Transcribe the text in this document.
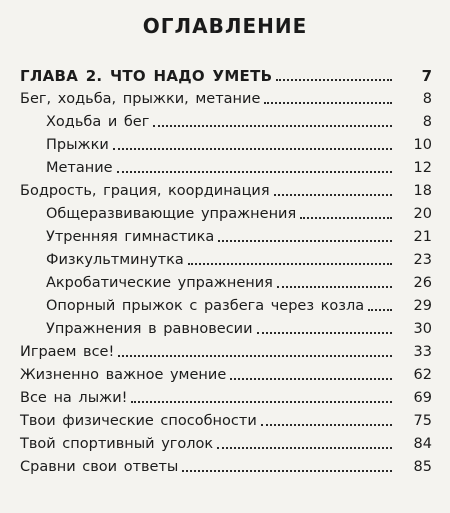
ОГЛАВЛЕНИЕ
ГЛАВА 2. ЧТО НАДО УМЕТЬ	7
Бег, ходьба, прыжки, метание	8
Ходьба и бег	8
Прыжки	10
Метание	12
Бодрость, грация, координация	18
Общеразвивающие упражнения	20
Утренняя гимнастика	21
Физкультминутка	23
Акробатические упражнения	26
Опорный прыжок с разбега через козла	29
Упражнения в равновесии	30
Играем все!	33
Жизненно важное умение	62
Все на лыжи!	69
Твои физические способности	75
Твой спортивный уголок	84
Сравни свои ответы	85
